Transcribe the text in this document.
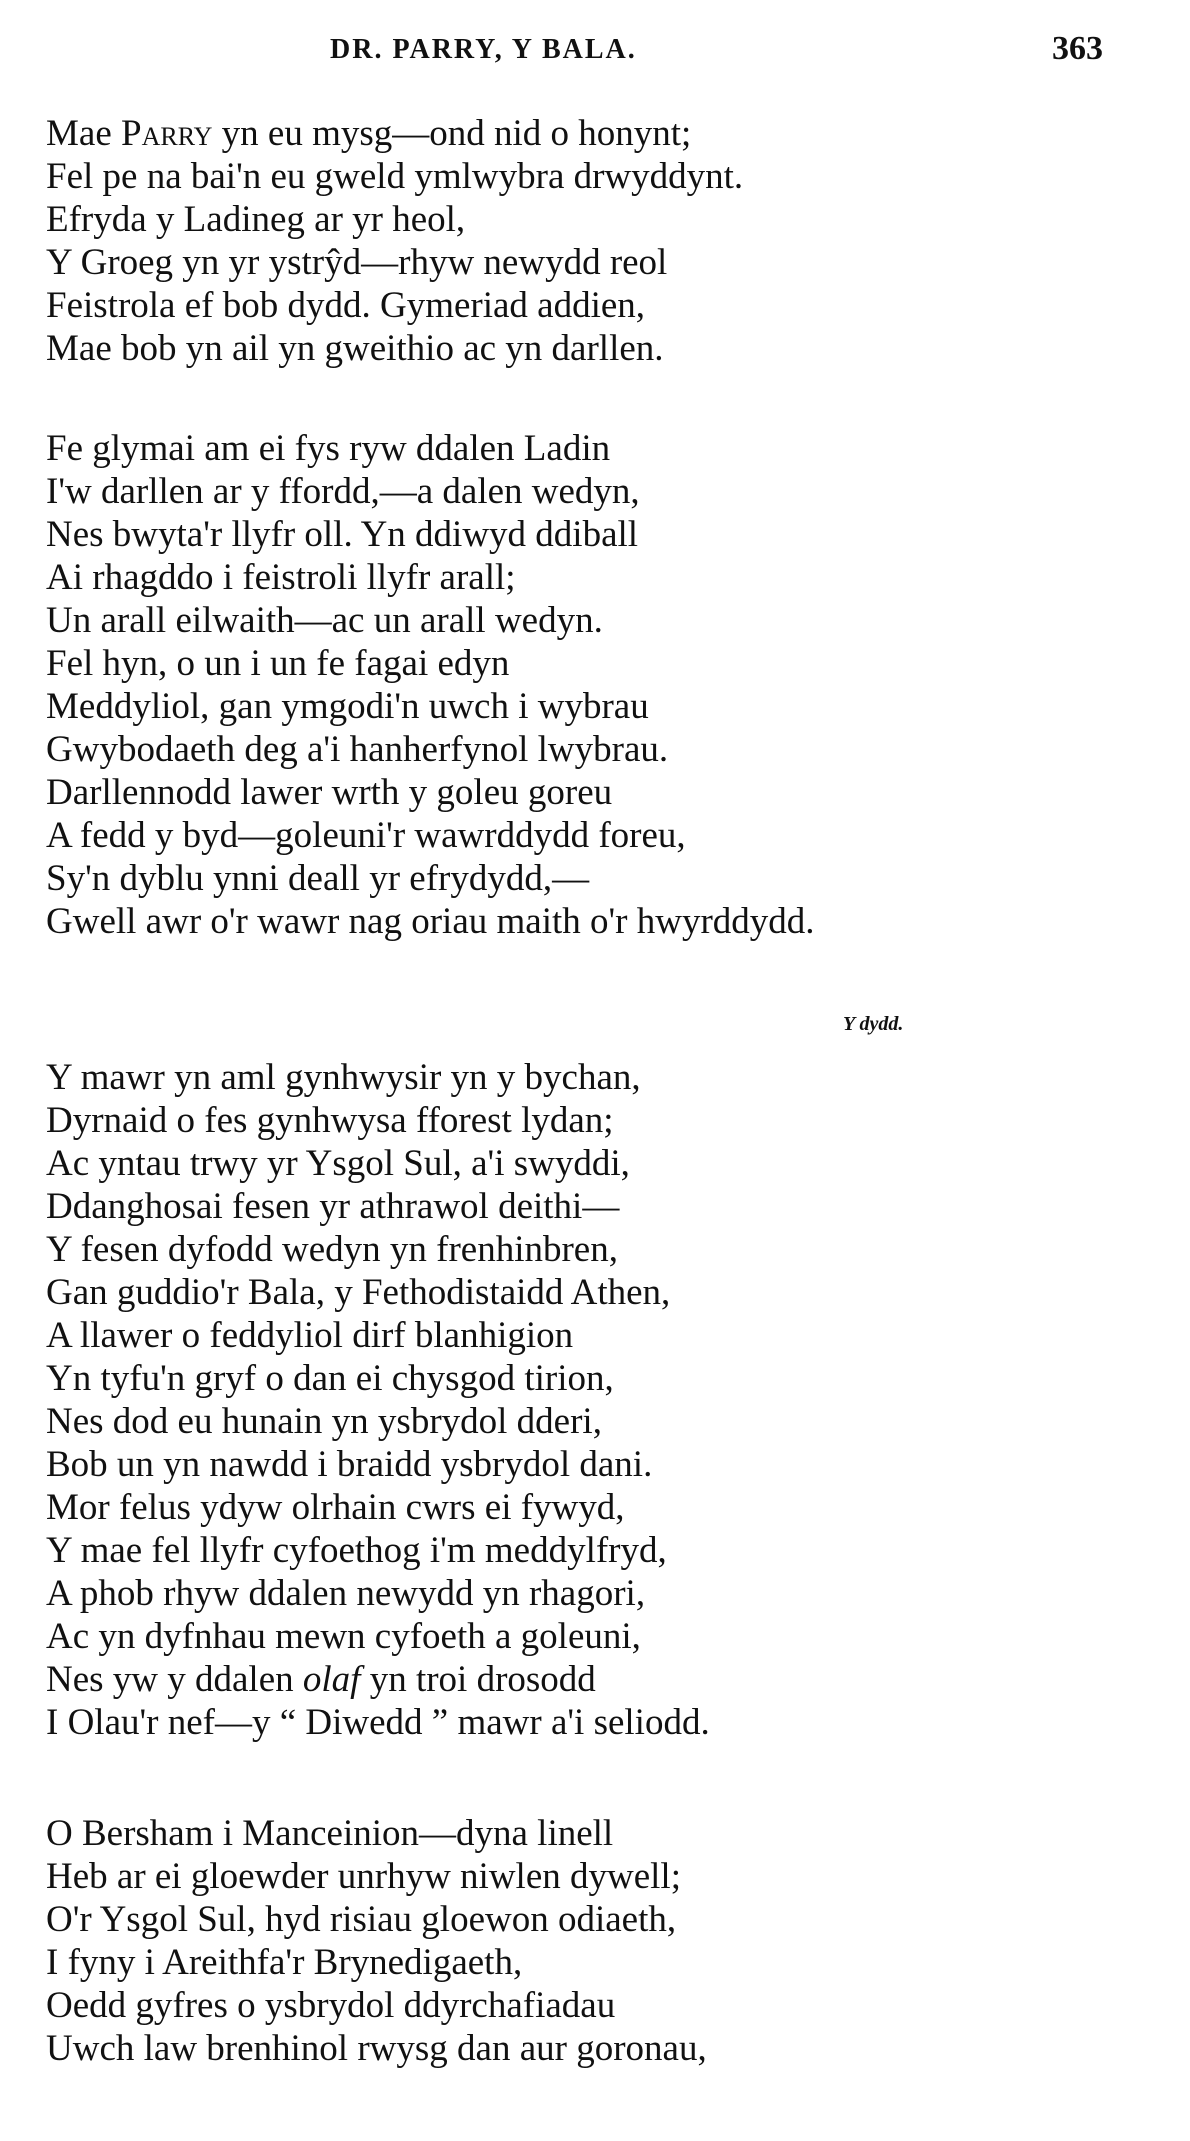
DR. PARRY, Y BALA.	363
Mae Parry yn eu mysg—ond nid o honynt;
Fel pe na bai'n eu gweld ymlwybra drwyddynt.
Efryda y Ladineg ar yr heol,
Y Groeg yn yr ystrŷd—rhyw newydd reol
Feistrola ef bob dydd. Gymeriad addien,
Mae bob yn ail yn gweithio ac yn darllen.
Fe glymai am ei fys ryw ddalen Ladin
I'w darllen ar y ffordd,—a dalen wedyn,
Nes bwyta'r llyfr oll. Yn ddiwyd ddiball
Ai rhagddo i feistroli llyfr arall;
Un arall eilwaith—ac un arall wedyn.
Fel hyn, o un i un fe fagai edyn
Meddyliol, gan ymgodi'n uwch i wybrau
Gwybodaeth deg a'i hanherfynol lwybrau.
Darllennodd lawer wrth y goleu goreu
A fedd y byd—goleuni'r wawrddydd foreu,
Sy'n dyblu ynni deall yr efrydydd,—
Gwell awr o'r wawr nag oriau maith o'r hwyrddydd.
Y dydd.
Y mawr yn aml gynhwysir yn y bychan,
Dyrnaid o fes gynhwysa fforest lydan;
Ac yntau trwy yr Ysgol Sul, a'i swyddi,
Ddanghosai fesen yr athrawol deithi—
Y fesen dyfodd wedyn yn frenhinbren,
Gan guddio'r Bala, y Fethodistaidd Athen,
A llawer o feddyliol dirf blanhigion
Yn tyfu'n gryf o dan ei chysgod tirion,
Nes dod eu hunain yn ysbrydol dderi,
Bob un yn nawdd i braidd ysbrydol dani.
Mor felus ydyw olrhain cwrs ei fywyd,
Y mae fel llyfr cyfoethog i'm meddylfryd,
A phob rhyw ddalen newydd yn rhagori,
Ac yn dyfnhau mewn cyfoeth a goleuni,
Nes yw y ddalen olaf yn troi drosodd
I Olau'r nef—y “ Diwedd ” mawr a'i seliodd.
O Bersham i Manceinion—dyna linell
Heb ar ei gloewder unrhyw niwlen dywell;
O'r Ysgol Sul, hyd risiau gloewon odiaeth,
I fyny i Areithfa'r Brynedigaeth,
Oedd gyfres o ysbrydol ddyrchafiadau
Uwch law brenhinol rwysg dan aur goronau,
